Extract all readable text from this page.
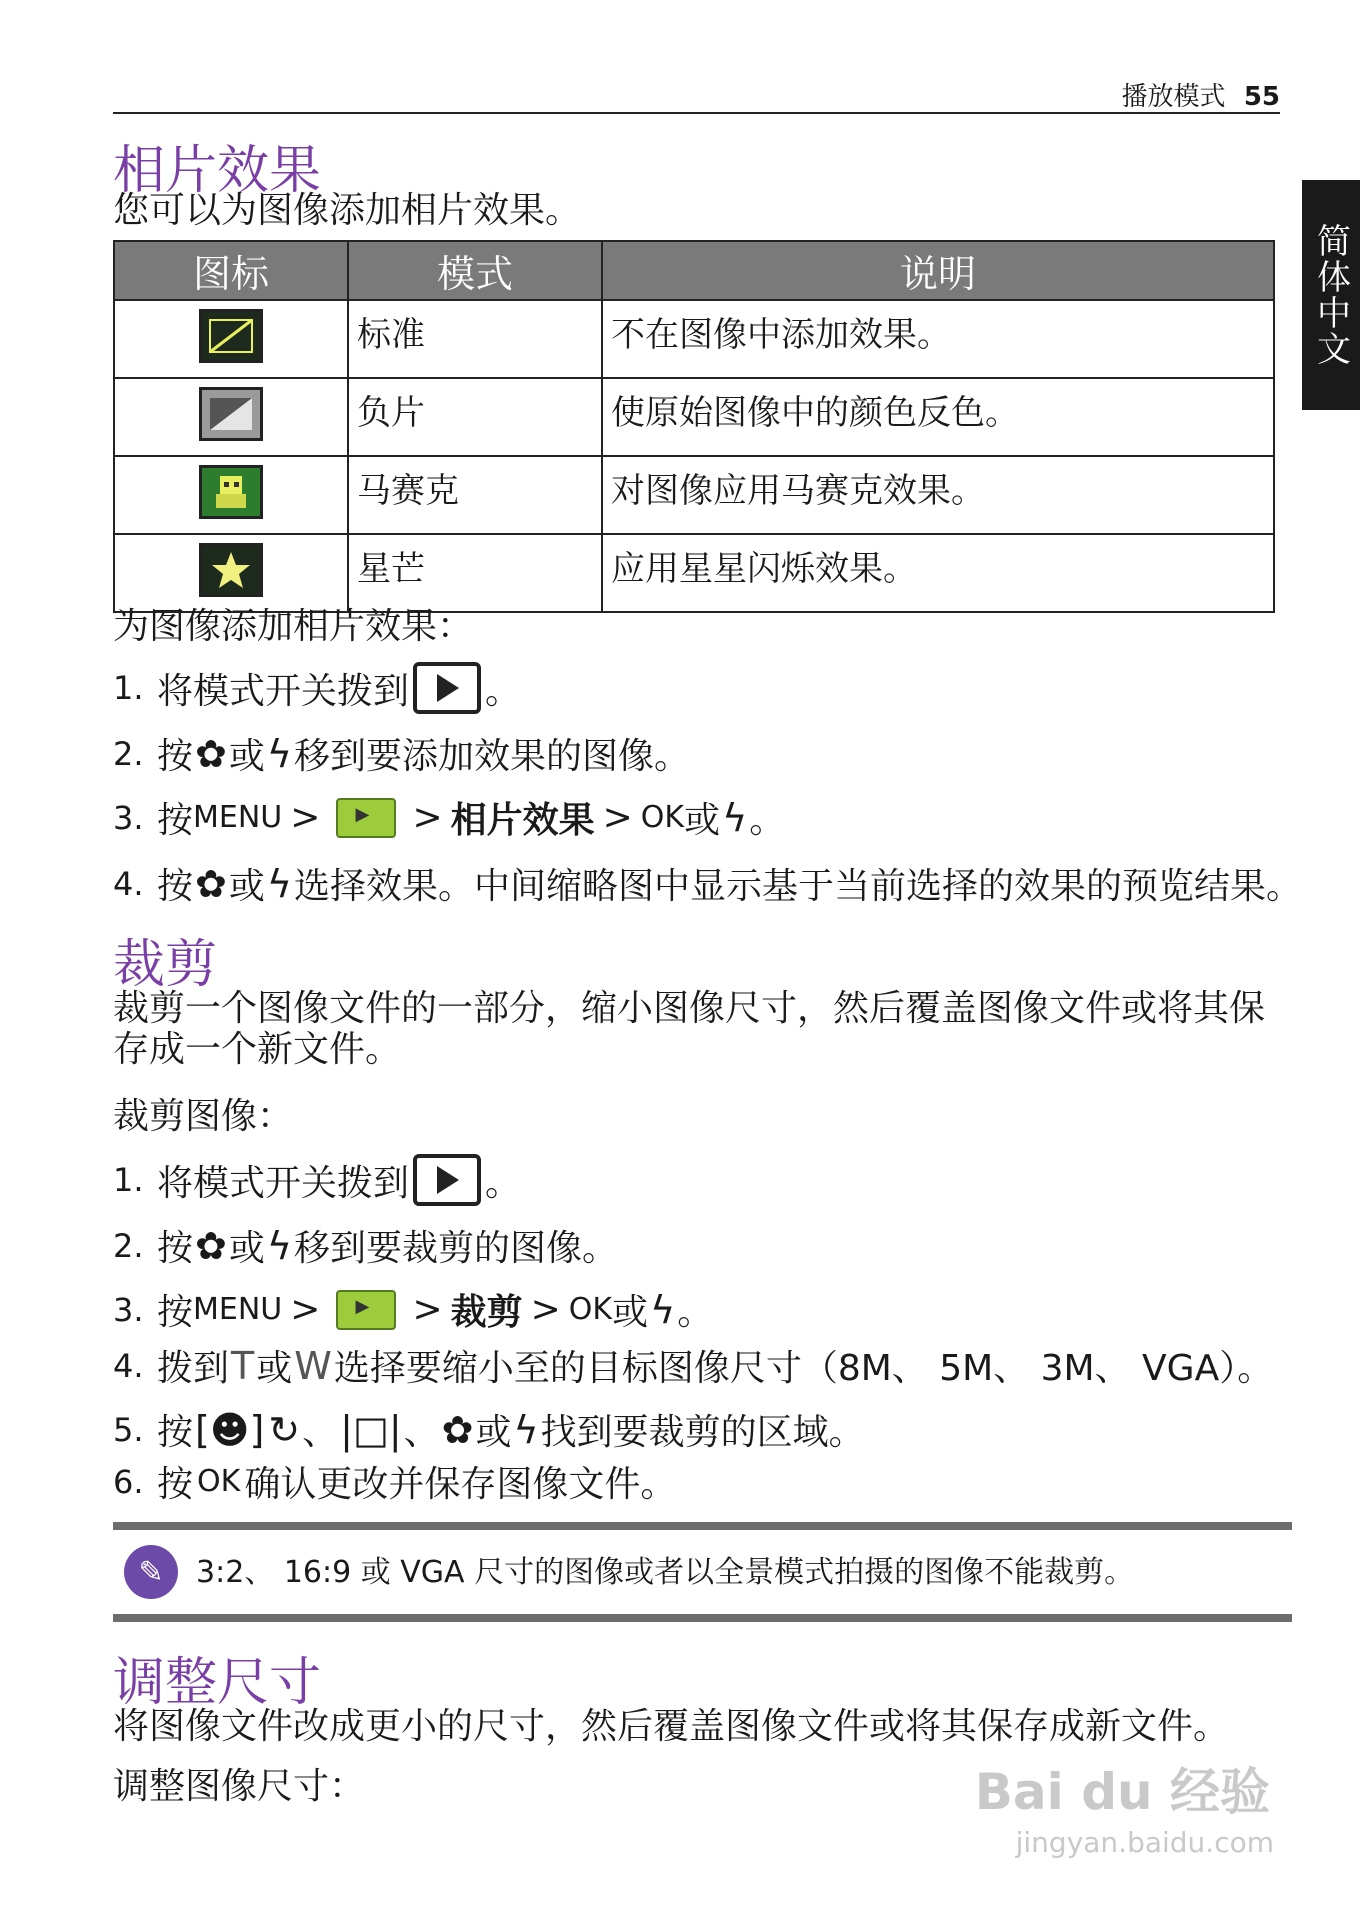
播放模式 55
简体中文
相片效果

您可以为图像添加相片效果。

图标	模式	说明
	标准	不在图像中添加效果。
	负片	使原始图像中的颜色反色。
	马赛克	对图像应用马赛克效果。
	星芒	应用星星闪烁效果。

为图像添加相片效果：

1. 将模式开关拨到 。
2. 按 ✿ 或 ϟ 移到要添加效果的图像。
3. 按 MENU > ▶	> 相片效果 > OK 或 ϟ 。
4. 按 ✿ 或 ϟ 选择效果。中间缩略图中显示基于当前选择的效果的预览结果。
裁剪

裁剪一个图像文件的一部分，缩小图像尺寸，然后覆盖图像文件或将其保存成一个新文件。

裁剪图像：

1. 将模式开关拨到 。
2. 按 ✿ 或 ϟ 移到要裁剪的图像。
3. 按 MENU > ▶	> 裁剪 > OK 或 ϟ 。
4. 拨到 T 或 W 选择要缩小至的目标图像尺寸（8M、 5M、 3M、 VGA）。
5. 按 [☻] ↻ 、 |□| 、 ✿ 或 ϟ 找到要裁剪的区域。
6. 按 OK 确认更改并保存图像文件。
✎	3:2、 16:9 或 VGA 尺寸的图像或者以全景模式拍摄的图像不能裁剪。

调整尺寸

将图像文件改成更小的尺寸，然后覆盖图像文件或将其保存成新文件。

调整图像尺寸：	Bai du 经验
jingyan.baidu.com
